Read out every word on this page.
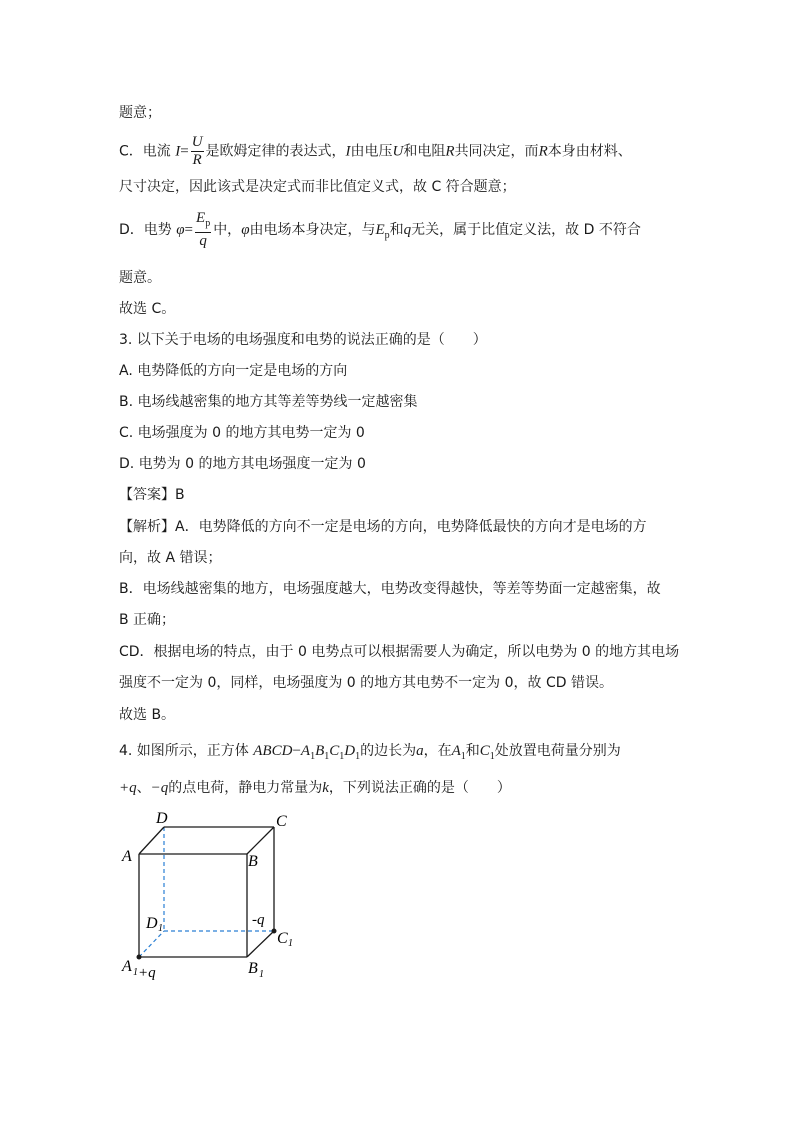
题意；
C．电流 $I= \frac{U}{R}$ 是欧姆定律的表达式，I由电压U和电阻R共同决定，而R本身由材料、
尺寸决定，因此该式是决定式而非比值定义式，故 C 符合题意；
D．电势 $\varphi= \frac{E_p}{q}$ 中，φ由电场本身决定，与$E_p$和q无关，属于比值定义法，故 D 不符合
题意。
故选 C。
3. 以下关于电场的电场强度和电势的说法正确的是（　　）
A. 电势降低的方向一定是电场的方向
B. 电场线越密集的地方其等差等势线一定越密集
C. 电场强度为 0 的地方其电势一定为 0
D. 电势为 0 的地方其电场强度一定为 0
【答案】B
【解析】A．电势降低的方向不一定是电场的方向，电势降低最快的方向才是电场的方
向，故 A 错误；
B．电场线越密集的地方，电场强度越大，电势改变得越快，等差等势面一定越密集，故
B 正确；
CD．根据电场的特点，由于 0 电势点可以根据需要人为确定，所以电势为 0 的地方其电场
强度不一定为 0，同样，电场强度为 0 的地方其电势不一定为 0，故 CD 错误。
故选 B。
4. 如图所示，正方体 $ABCD-A_1B_1C_1D_1$的边长为a，在$A_1$和$C_1$处放置电荷量分别为
+q、−q的点电荷，静电力常量为k，下列说法正确的是（　　）
D	C
A	B
D 1
-q
C 1
A 1 +q	B 1
